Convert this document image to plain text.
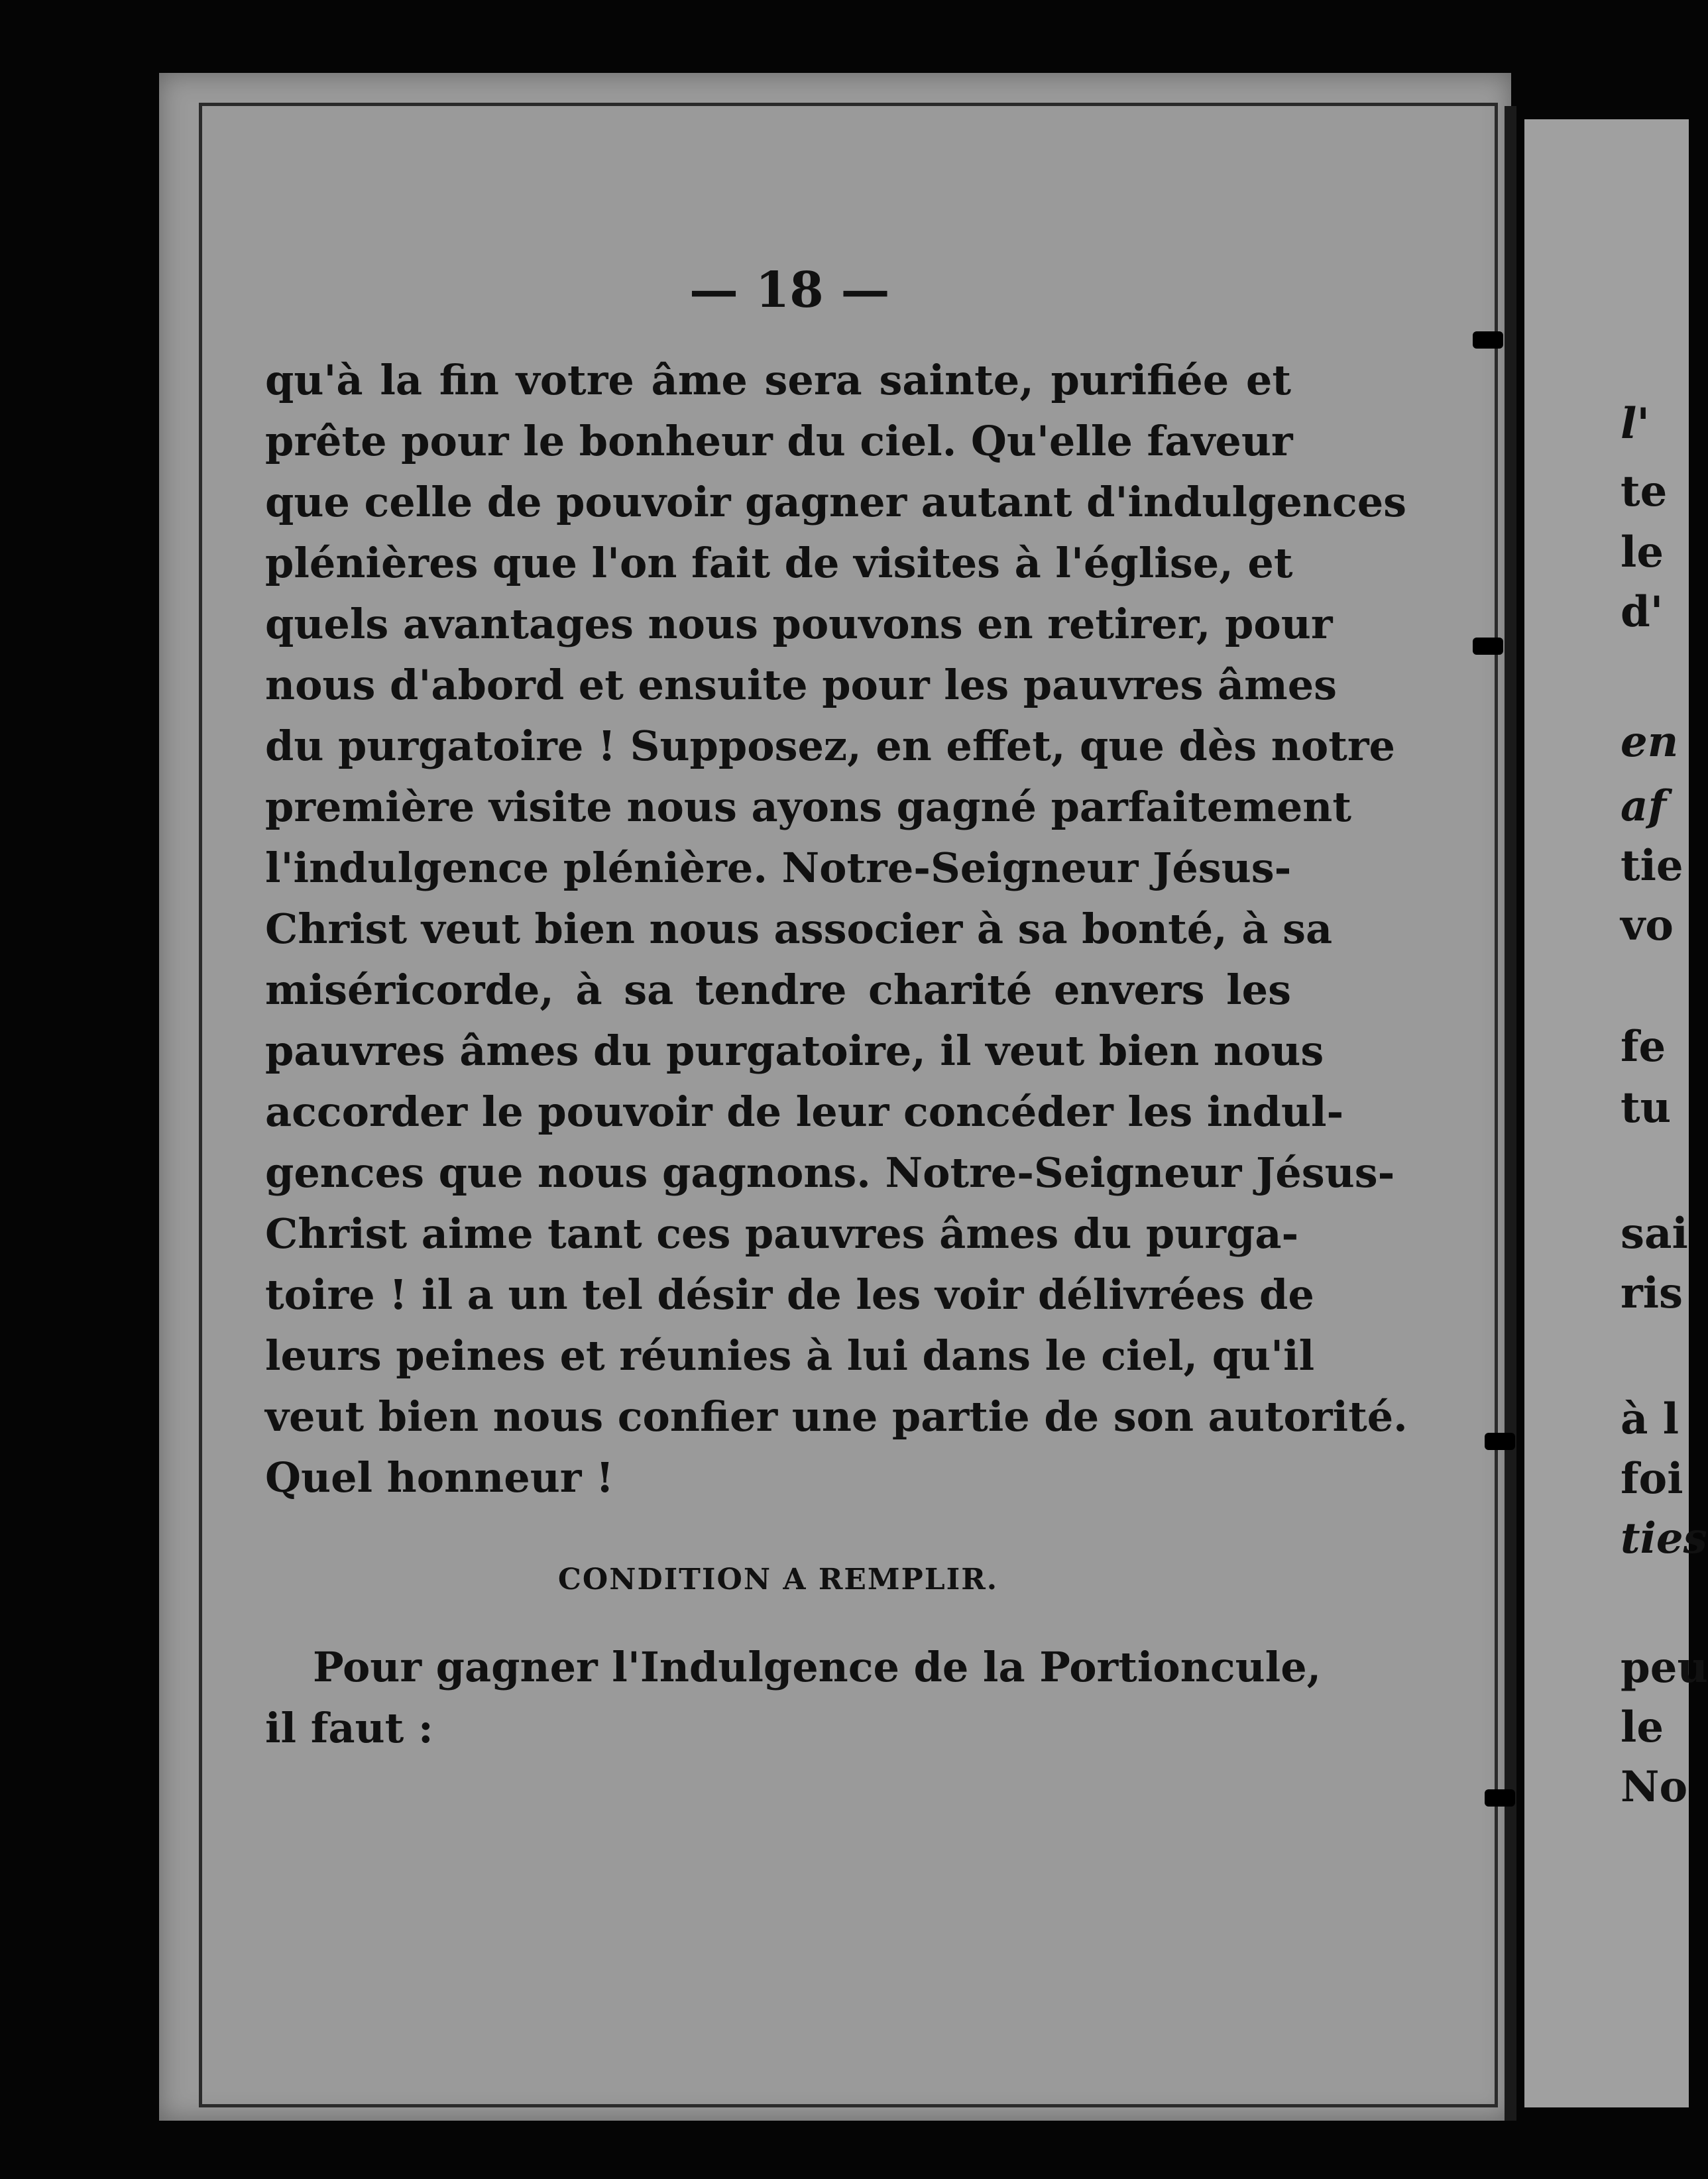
l'
te
le
d'
en
af
tie
vo
fe
tu
sai
ris
à l
foi
ties
peu
le
No
— 18 —
qu'à la fin votre âme sera sainte, purifiée et
prête pour le bonheur du ciel. Qu'elle faveur
que celle de pouvoir gagner autant d'indulgences
plénières que l'on fait de visites à l'église, et
quels avantages nous pouvons en retirer, pour
nous d'abord et ensuite pour les pauvres âmes
du purgatoire ! Supposez, en effet, que dès notre
première visite nous ayons gagné parfaitement
l'indulgence plénière. Notre-Seigneur Jésus-
Christ veut bien nous associer à sa bonté, à sa
miséricorde, à sa tendre charité envers les
pauvres âmes du purgatoire, il veut bien nous
accorder le pouvoir de leur concéder les indul-
gences que nous gagnons. Notre-Seigneur Jésus-
Christ aime tant ces pauvres âmes du purga-
toire ! il a un tel désir de les voir délivrées de
leurs peines et réunies à lui dans le ciel, qu'il
veut bien nous confier une partie de son autorité.
Quel honneur !
CONDITION A REMPLIR.
Pour gagner l'Indulgence de la Portioncule,
il faut :
